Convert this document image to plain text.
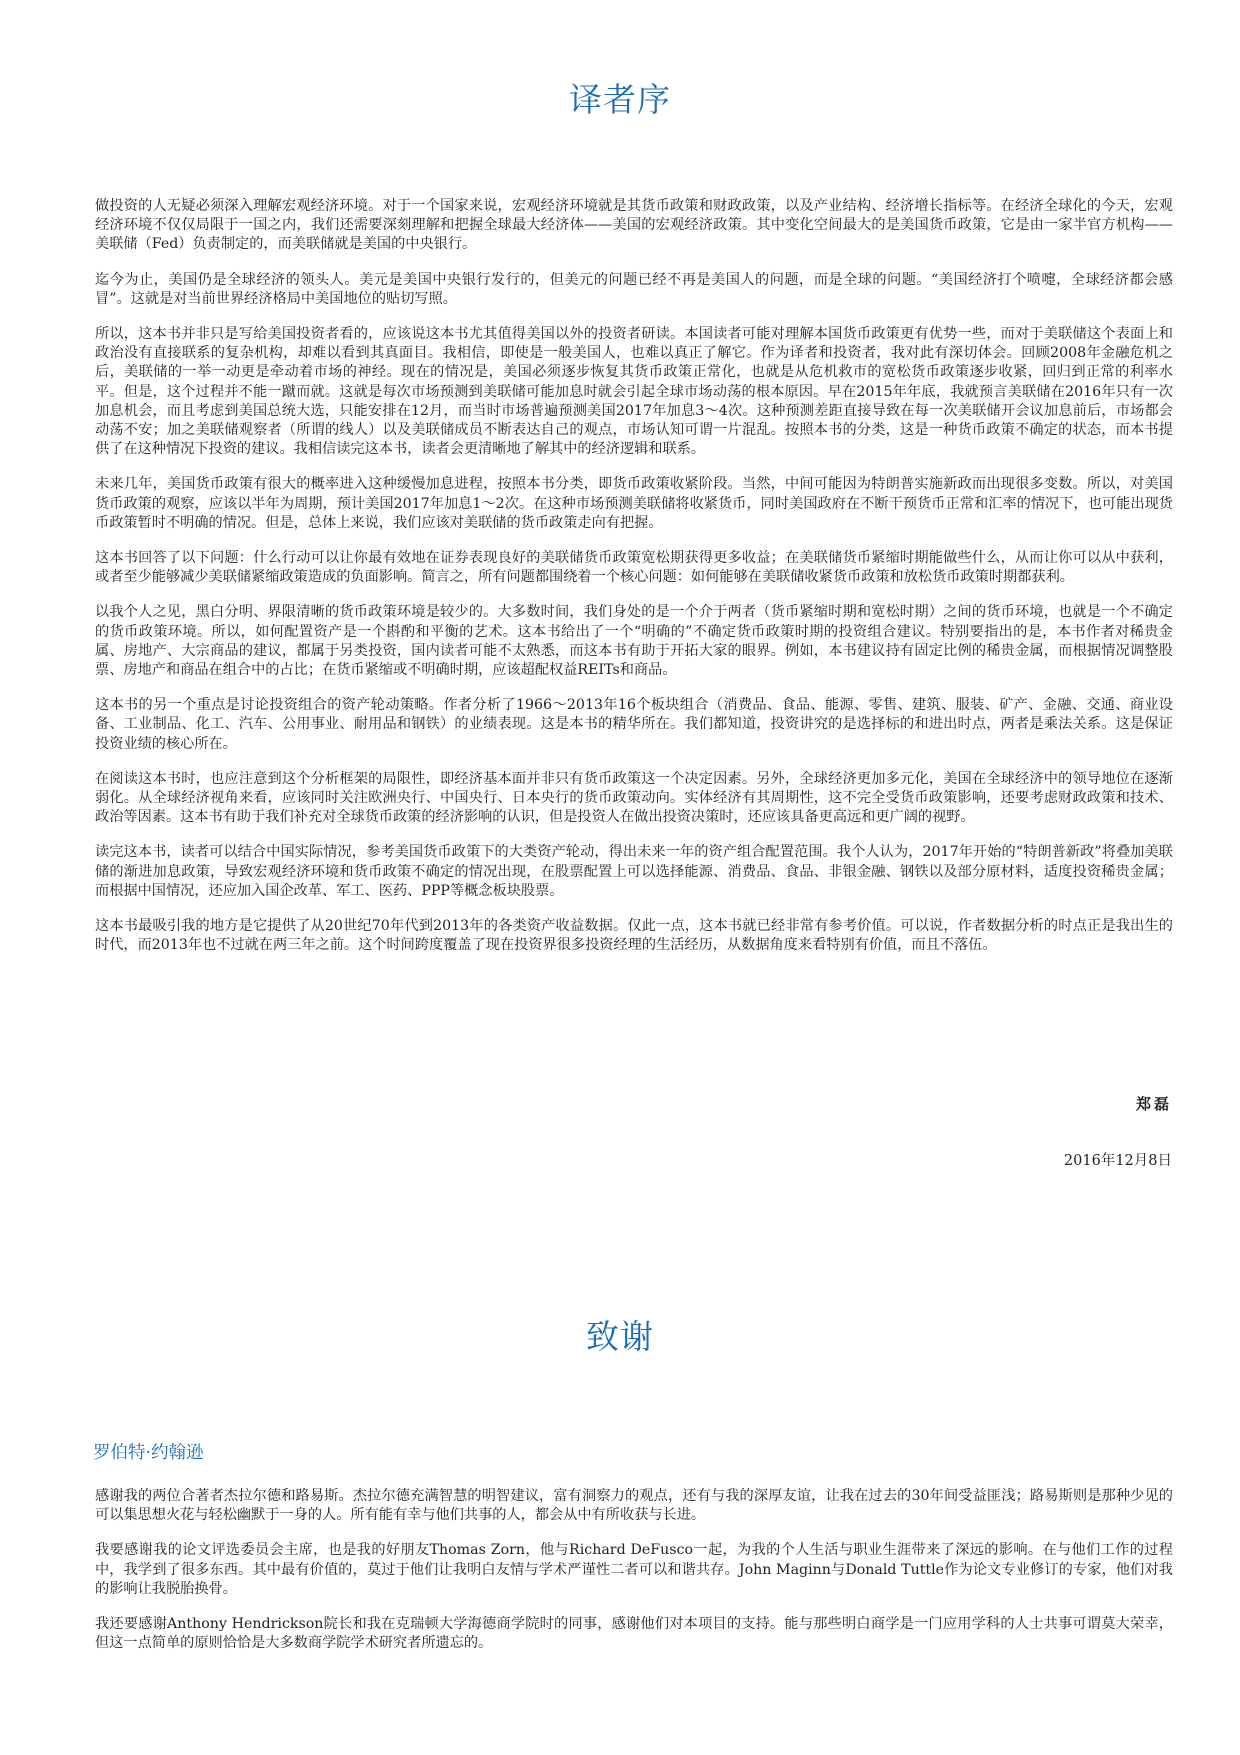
译者序

做投资的人无疑必须深入理解宏观经济环境。对于一个国家来说，宏观经济环境就是其货币政策和财政政策，以及产业结构、经济增长指标等。在经济全球化的今天，宏观经济环境不仅仅局限于一国之内，我们还需要深刻理解和把握全球最大经济体——美国的宏观经济政策。其中变化空间最大的是美国货币政策，它是由一家半官方机构——美联储（Fed）负责制定的，而美联储就是美国的中央银行。

迄今为止，美国仍是全球经济的领头人。美元是美国中央银行发行的，但美元的问题已经不再是美国人的问题，而是全球的问题。“美国经济打个喷嚏，全球经济都会感冒”。这就是对当前世界经济格局中美国地位的贴切写照。

所以，这本书并非只是写给美国投资者看的，应该说这本书尤其值得美国以外的投资者研读。本国读者可能对理解本国货币政策更有优势一些，而对于美联储这个表面上和政治没有直接联系的复杂机构，却难以看到其真面目。我相信，即使是一般美国人，也难以真正了解它。作为译者和投资者，我对此有深切体会。回顾2008年金融危机之后，美联储的一举一动更是牵动着市场的神经。现在的情况是，美国必须逐步恢复其货币政策正常化，也就是从危机救市的宽松货币政策逐步收紧，回归到正常的利率水平。但是，这个过程并不能一蹴而就。这就是每次市场预测到美联储可能加息时就会引起全球市场动荡的根本原因。早在2015年年底，我就预言美联储在2016年只有一次加息机会，而且考虑到美国总统大选，只能安排在12月，而当时市场普遍预测美国2017年加息3～4次。这种预测差距直接导致在每一次美联储开会议加息前后，市场都会动荡不安；加之美联储观察者（所谓的线人）以及美联储成员不断表达自己的观点，市场认知可谓一片混乱。按照本书的分类，这是一种货币政策不确定的状态，而本书提供了在这种情况下投资的建议。我相信读完这本书，读者会更清晰地了解其中的经济逻辑和联系。

未来几年，美国货币政策有很大的概率进入这种缓慢加息进程，按照本书分类，即货币政策收紧阶段。当然，中间可能因为特朗普实施新政而出现很多变数。所以，对美国货币政策的观察，应该以半年为周期，预计美国2017年加息1～2次。在这种市场预测美联储将收紧货币，同时美国政府在不断干预货币正常和汇率的情况下，也可能出现货币政策暂时不明确的情况。但是，总体上来说，我们应该对美联储的货币政策走向有把握。

这本书回答了以下问题：什么行动可以让你最有效地在证券表现良好的美联储货币政策宽松期获得更多收益；在美联储货币紧缩时期能做些什么，从而让你可以从中获利，或者至少能够减少美联储紧缩政策造成的负面影响。简言之，所有问题都围绕着一个核心问题：如何能够在美联储收紧货币政策和放松货币政策时期都获利。

以我个人之见，黑白分明、界限清晰的货币政策环境是较少的。大多数时间，我们身处的是一个介于两者（货币紧缩时期和宽松时期）之间的货币环境，也就是一个不确定的货币政策环境。所以，如何配置资产是一个斟酌和平衡的艺术。这本书给出了一个“明确的”不确定货币政策时期的投资组合建议。特别要指出的是，本书作者对稀贵金属、房地产、大宗商品的建议，都属于另类投资，国内读者可能不太熟悉，而这本书有助于开拓大家的眼界。例如，本书建议持有固定比例的稀贵金属，而根据情况调整股票、房地产和商品在组合中的占比；在货币紧缩或不明确时期，应该超配权益REITs和商品。

这本书的另一个重点是讨论投资组合的资产轮动策略。作者分析了1966～2013年16个板块组合（消费品、食品、能源、零售、建筑、服装、矿产、金融、交通、商业设备、工业制品、化工、汽车、公用事业、耐用品和钢铁）的业绩表现。这是本书的精华所在。我们都知道，投资讲究的是选择标的和进出时点，两者是乘法关系。这是保证投资业绩的核心所在。

在阅读这本书时，也应注意到这个分析框架的局限性，即经济基本面并非只有货币政策这一个决定因素。另外，全球经济更加多元化，美国在全球经济中的领导地位在逐渐弱化。从全球经济视角来看，应该同时关注欧洲央行、中国央行、日本央行的货币政策动向。实体经济有其周期性，这不完全受货币政策影响，还要考虑财政政策和技术、政治等因素。这本书有助于我们补充对全球货币政策的经济影响的认识，但是投资人在做出投资决策时，还应该具备更高远和更广阔的视野。

读完这本书，读者可以结合中国实际情况，参考美国货币政策下的大类资产轮动，得出未来一年的资产组合配置范围。我个人认为，2017年开始的“特朗普新政”将叠加美联储的渐进加息政策，导致宏观经济环境和货币政策不确定的情况出现，在股票配置上可以选择能源、消费品、食品、非银金融、钢铁以及部分原材料，适度投资稀贵金属；而根据中国情况，还应加入国企改革、军工、医药、PPP等概念板块股票。

这本书最吸引我的地方是它提供了从20世纪70年代到2013年的各类资产收益数据。仅此一点，这本书就已经非常有参考价值。可以说，作者数据分析的时点正是我出生的时代，而2013年也不过就在两三年之前。这个时间跨度覆盖了现在投资界很多投资经理的生活经历，从数据角度来看特别有价值，而且不落伍。

郑磊
2016年12月8日
致谢
罗伯特·约翰逊

感谢我的两位合著者杰拉尔德和路易斯。杰拉尔德充满智慧的明智建议，富有洞察力的观点，还有与我的深厚友谊，让我在过去的30年间受益匪浅；路易斯则是那种少见的可以集思想火花与轻松幽默于一身的人。所有能有幸与他们共事的人，都会从中有所收获与长进。

我要感谢我的论文评选委员会主席，也是我的好朋友Thomas Zorn，他与Richard DeFusco一起，为我的个人生活与职业生涯带来了深远的影响。在与他们工作的过程中，我学到了很多东西。其中最有价值的，莫过于他们让我明白友情与学术严谨性二者可以和谐共存。John Maginn与Donald Tuttle作为论文专业修订的专家，他们对我的影响让我脱胎换骨。

我还要感谢Anthony Hendrickson院长和我在克瑞顿大学海德商学院时的同事，感谢他们对本项目的支持。能与那些明白商学是一门应用学科的人士共事可谓莫大荣幸，但这一点简单的原则恰恰是大多数商学院学术研究者所遗忘的。
